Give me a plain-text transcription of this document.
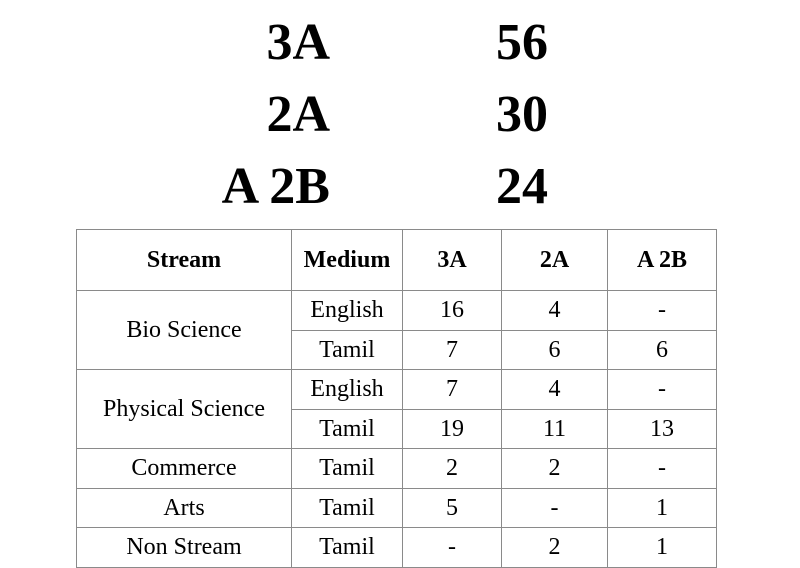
3A	56
2A	30
A 2B	24
Stream	Medium	3A	2A	A 2B
Bio Science	English	16	4	-
	Tamil	7	6	6
Physical Science	English	7	4	-
	Tamil	19	11	13
Commerce	Tamil	2	2	-
Arts	Tamil	5	-	1
Non Stream	Tamil	-	2	1
